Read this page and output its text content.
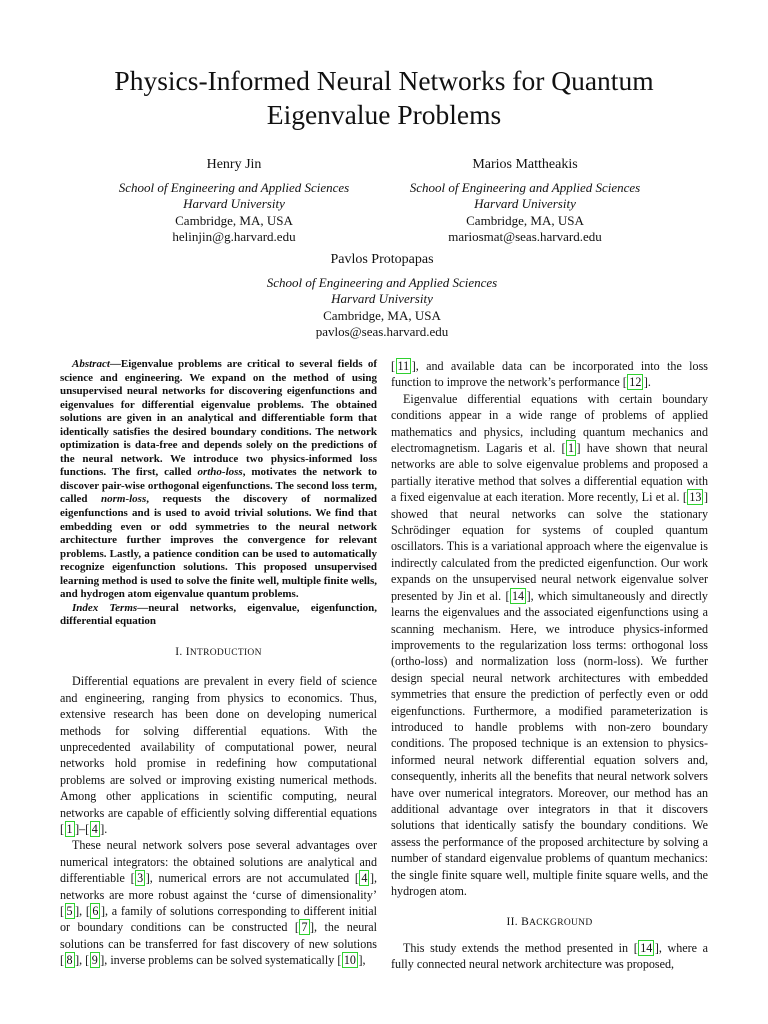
Physics-Informed Neural Networks for Quantum
Eigenvalue Problems
Henry Jin
School of Engineering and Applied Sciences
Harvard University
Cambridge, MA, USA
helinjin@g.harvard.edu
Marios Mattheakis
School of Engineering and Applied Sciences
Harvard University
Cambridge, MA, USA
mariosmat@seas.harvard.edu
Pavlos Protopapas
School of Engineering and Applied Sciences
Harvard University
Cambridge, MA, USA
pavlos@seas.harvard.edu

Abstract—Eigenvalue problems are critical to several fields of science and engineering. We expand on the method of using unsupervised neural networks for discovering eigenfunctions and eigenvalues for differential eigenvalue problems. The obtained solutions are given in an analytical and differentiable form that identically satisfies the desired boundary conditions. The network optimization is data-free and depends solely on the predictions of the neural network. We introduce two physics-informed loss functions. The first, called ortho-loss, motivates the network to discover pair-wise orthogonal eigenfunctions. The second loss term, called norm-loss, requests the discovery of normalized eigenfunctions and is used to avoid trivial solutions. We find that embedding even or odd symmetries to the neural network architecture further improves the convergence for relevant problems. Lastly, a patience condition can be used to automatically recognize eigenfunction solutions. This proposed unsupervised learning method is used to solve the finite well, multiple finite wells, and hydrogen atom eigenvalue quantum problems.

Index Terms—neural networks, eigenvalue, eigenfunction, differential equation

I. INTRODUCTION

Differential equations are prevalent in every field of science and engineering, ranging from physics to economics. Thus, extensive research has been done on developing numerical methods for solving differential equations. With the unprecedented availability of computational power, neural networks hold promise in redefining how computational problems are solved or improving existing numerical methods. Among other applications in scientific computing, neural networks are capable of efficiently solving differential equations [ 1 ]–[ 4 ].

These neural network solvers pose several advantages over numerical integrators: the obtained solutions are analytical and differentiable [ 3 ], numerical errors are not accumulated [ 4 ], networks are more robust against the ‘curse of dimensionality’ [ 5 ], [ 6 ], a family of solutions corresponding to different initial or boundary conditions can be constructed [ 7 ], the neural solutions can be transferred for fast discovery of new solutions [ 8 ], [ 9 ], inverse problems can be solved systematically [ 10 ],

[ 11 ], and available data can be incorporated into the loss function to improve the network’s performance [ 12 ].

Eigenvalue differential equations with certain boundary conditions appear in a wide range of problems of applied mathematics and physics, including quantum mechanics and electromagnetism. Lagaris et al. [ 1 ] have shown that neural networks are able to solve eigenvalue problems and proposed a partially iterative method that solves a differential equation with a fixed eigenvalue at each iteration. More recently, Li et al. [ 13 ] showed that neural networks can solve the stationary Schrödinger equation for systems of coupled quantum oscillators. This is a variational approach where the eigenvalue is indirectly calculated from the predicted eigenfunction. Our work expands on the unsupervised neural network eigenvalue solver presented by Jin et al. [ 14 ], which simultaneously and directly learns the eigenvalues and the associated eigenfunctions using a scanning mechanism. Here, we introduce physics-informed improvements to the regularization loss terms: orthogonal loss (ortho-loss) and normalization loss (norm-loss). We further design special neural network architectures with embedded symmetries that ensure the prediction of perfectly even or odd eigenfunctions. Furthermore, a modified parameterization is introduced to handle problems with non-zero boundary conditions. The proposed technique is an extension to physics-informed neural network differential equation solvers and, consequently, inherits all the benefits that neural network solvers have over numerical integrators. Moreover, our method has an additional advantage over integrators in that it discovers solutions that identically satisfy the boundary conditions. We assess the performance of the proposed architecture by solving a number of standard eigenvalue problems of quantum mechanics: the single finite square well, multiple finite square wells, and the hydrogen atom.

II. BACKGROUND

This study extends the method presented in [ 14 ], where a fully connected neural network architecture was proposed,
